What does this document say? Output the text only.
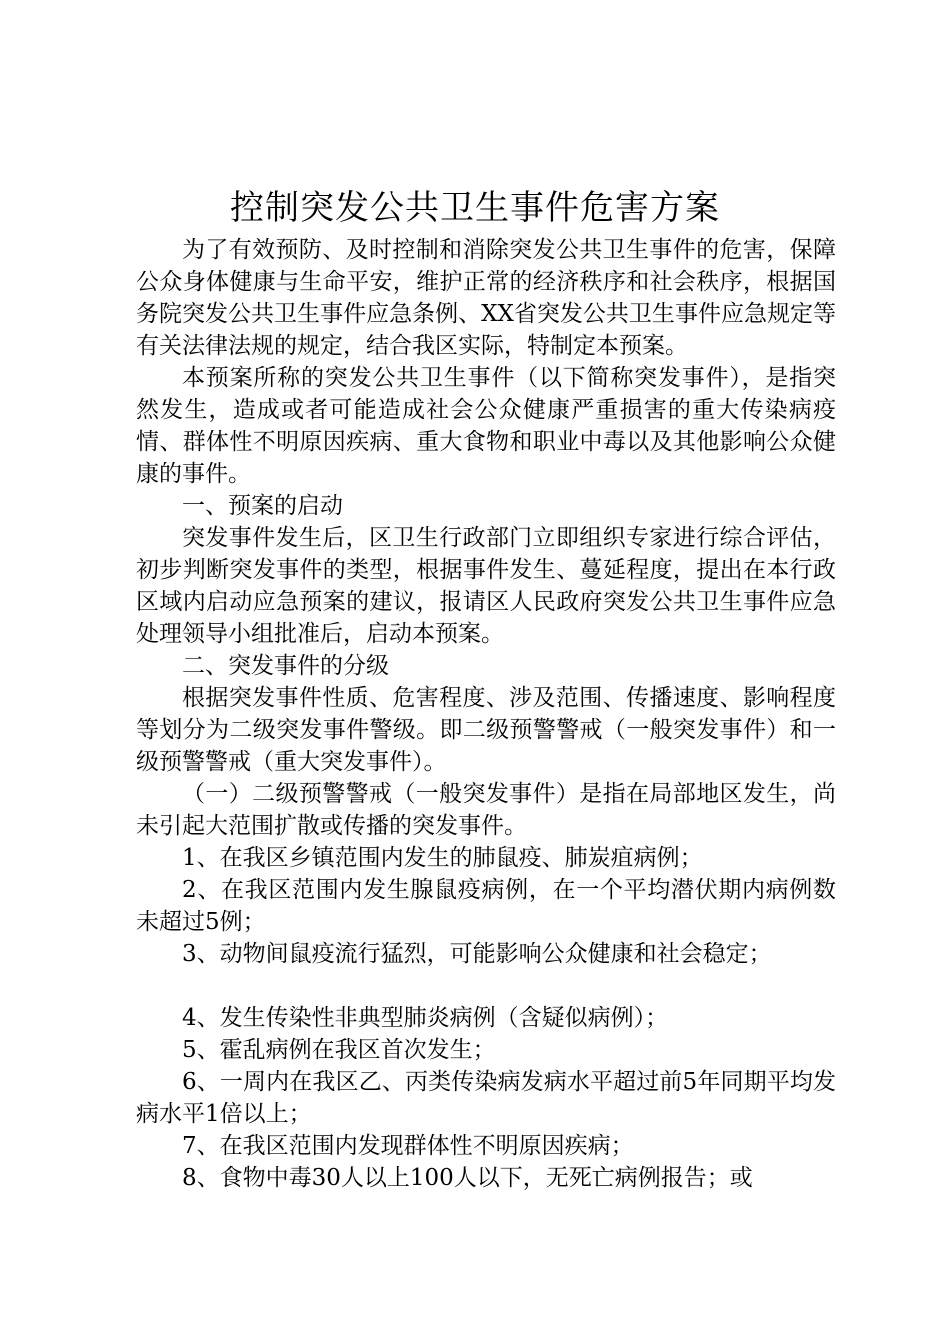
控制突发公共卫生事件危害方案

为了有效预防、及时控制和消除突发公共卫生事件的危害，保障公众身体健康与生命平安，维护正常的经济秩序和社会秩序，根据国务院突发公共卫生事件应急条例、XX省突发公共卫生事件应急规定等有关法律法规的规定，结合我区实际，特制定本预案。

本预案所称的突发公共卫生事件（以下简称突发事件），是指突然发生，造成或者可能造成社会公众健康严重损害的重大传染病疫情、群体性不明原因疾病、重大食物和职业中毒以及其他影响公众健康的事件。

一、预案的启动

突发事件发生后，区卫生行政部门立即组织专家进行综合评估，初步判断突发事件的类型，根据事件发生、蔓延程度，提出在本行政区域内启动应急预案的建议，报请区人民政府突发公共卫生事件应急处理领导小组批准后，启动本预案。

二、突发事件的分级

根据突发事件性质、危害程度、涉及范围、传播速度、影响程度等划分为二级突发事件警级。即二级预警警戒（一般突发事件）和一级预警警戒（重大突发事件）。

（一）二级预警警戒（一般突发事件）是指在局部地区发生，尚未引起大范围扩散或传播的突发事件。

1、在我区乡镇范围内发生的肺鼠疫、肺炭疽病例；

2、在我区范围内发生腺鼠疫病例，在一个平均潜伏期内病例数未超过5例；

3、动物间鼠疫流行猛烈，可能影响公众健康和社会稳定；

4、发生传染性非典型肺炎病例（含疑似病例）；

5、霍乱病例在我区首次发生；

6、一周内在我区乙、丙类传染病发病水平超过前5年同期平均发病水平1倍以上；

7、在我区范围内发现群体性不明原因疾病；

8、食物中毒30人以上100人以下，无死亡病例报告；或
